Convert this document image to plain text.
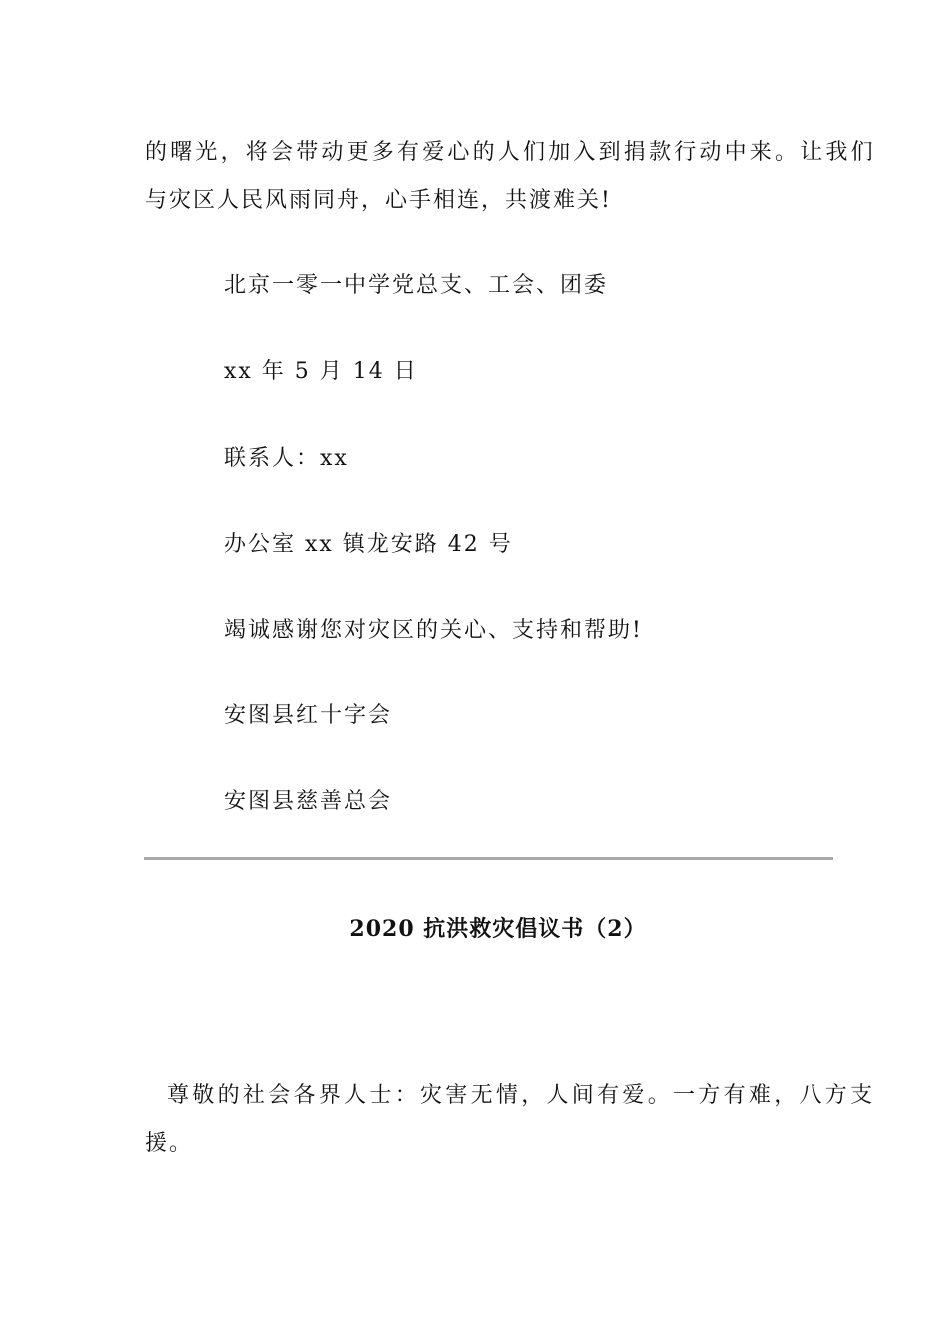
的曙光，将会带动更多有爱心的人们加入到捐款行动中来。让我们
与灾区人民风雨同舟，心手相连，共渡难关!
北京一零一中学党总支、工会、团委
xx 年 5 月 14 日
联系人：xx
办公室 xx 镇龙安路 42 号
竭诚感谢您对灾区的关心、支持和帮助!
安图县红十字会
安图县慈善总会
2020 抗洪救灾倡议书（2）
尊敬的社会各界人士：灾害无情，人间有爱。一方有难，八方支
援。
